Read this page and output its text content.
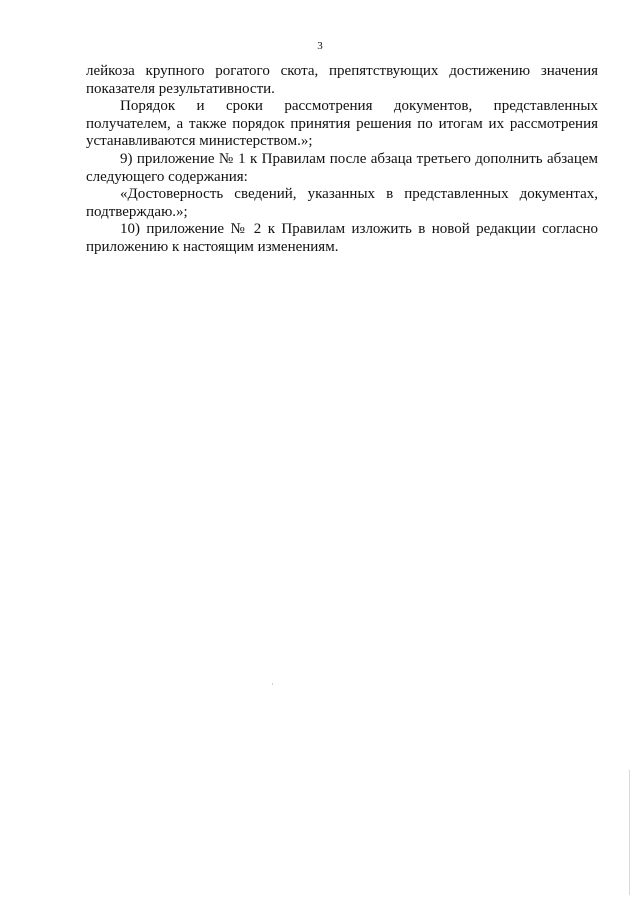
3

лейкоза крупного рогатого скота, препятствующих достижению значения показателя результативности.

Порядок и сроки рассмотрения документов, представленных получателем, а также порядок принятия решения по итогам их рассмотрения устанавливаются министерством.»;

9) приложение № 1 к Правилам после абзаца третьего дополнить абзацем следующего содержания:

«Достоверность сведений, указанных в представленных документах, подтверждаю.»;

10) приложение № 2 к Правилам изложить в новой редакции согласно приложению к настоящим изменениям.
